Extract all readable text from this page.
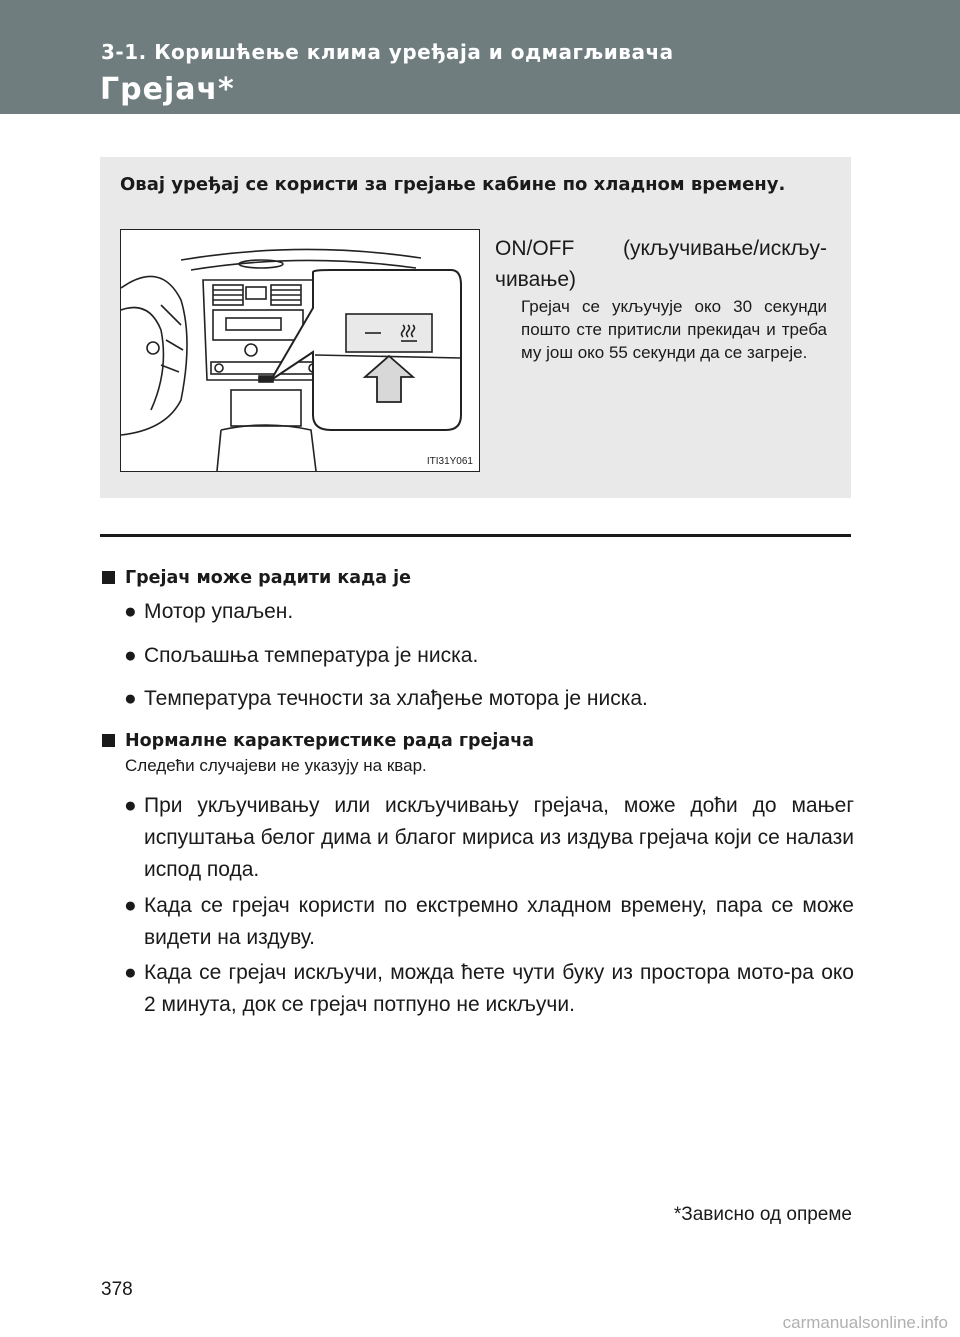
3-1. Коришћење клима уређаја и одмагљивача
Грејач*
Овај уређај се користи за грејање кабине по хладном времену.
ITI31Y061
ON/OFF (укључивање/искљу-чивање)
Грејач се укључује око 30 секунди пошто сте притисли прекидач и треба му још око 55 секунди да се загреје.
Грејач може радити када је
● Мотор упаљен.
● Спољашња температура је ниска.
● Температура течности за хлађење мотора је ниска.
Нормалне карактеристике рада грејача
Следећи случајеви не указују на квар.
● При укључивању или искључивању грејача, може доћи до мањег испуштања белог дима и благог мириса из издува грејача који се налази испод пода.
● Када се грејач користи по екстремно хладном времену, пара се може видети на издуву.
● Када се грејач искључи, можда ћете чути буку из простора мото-ра око 2 минута, док се грејач потпуно не искључи.
*Зависно од опреме
378
carmanualsonline.info
